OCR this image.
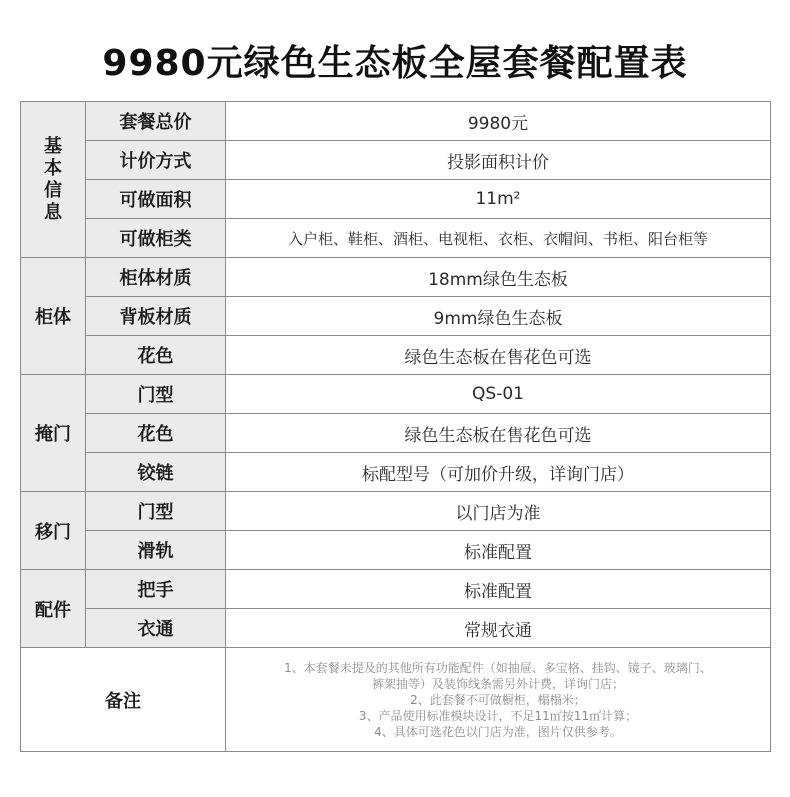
9980元绿色生态板全屋套餐配置表
基本信息	套餐总价	9980元
	计价方式	投影面积计价
	可做面积	11m²
	可做柜类	入户柜、鞋柜、酒柜、电视柜、衣柜、衣帽间、书柜、阳台柜等
柜体	柜体材质	18mm绿色生态板
	背板材质	9mm绿色生态板
	花色	绿色生态板在售花色可选
掩门	门型	QS-01
	花色	绿色生态板在售花色可选
	铰链	标配型号（可加价升级，详询门店）
移门	门型	以门店为准
	滑轨	标准配置
配件	把手	标准配置
	衣通	常规衣通
备注		1、本套餐未提及的其他所有功能配件（如抽屉、多宝格、挂钩、镜子、玻璃门、
裤架抽等）及装饰线条需另外计费，详询门店；
2、此套餐不可做橱柜，榻榻米；
3、产品使用标准模块设计，不足11㎡按11㎡计算；
4、具体可选花色以门店为准，图片仅供参考。
